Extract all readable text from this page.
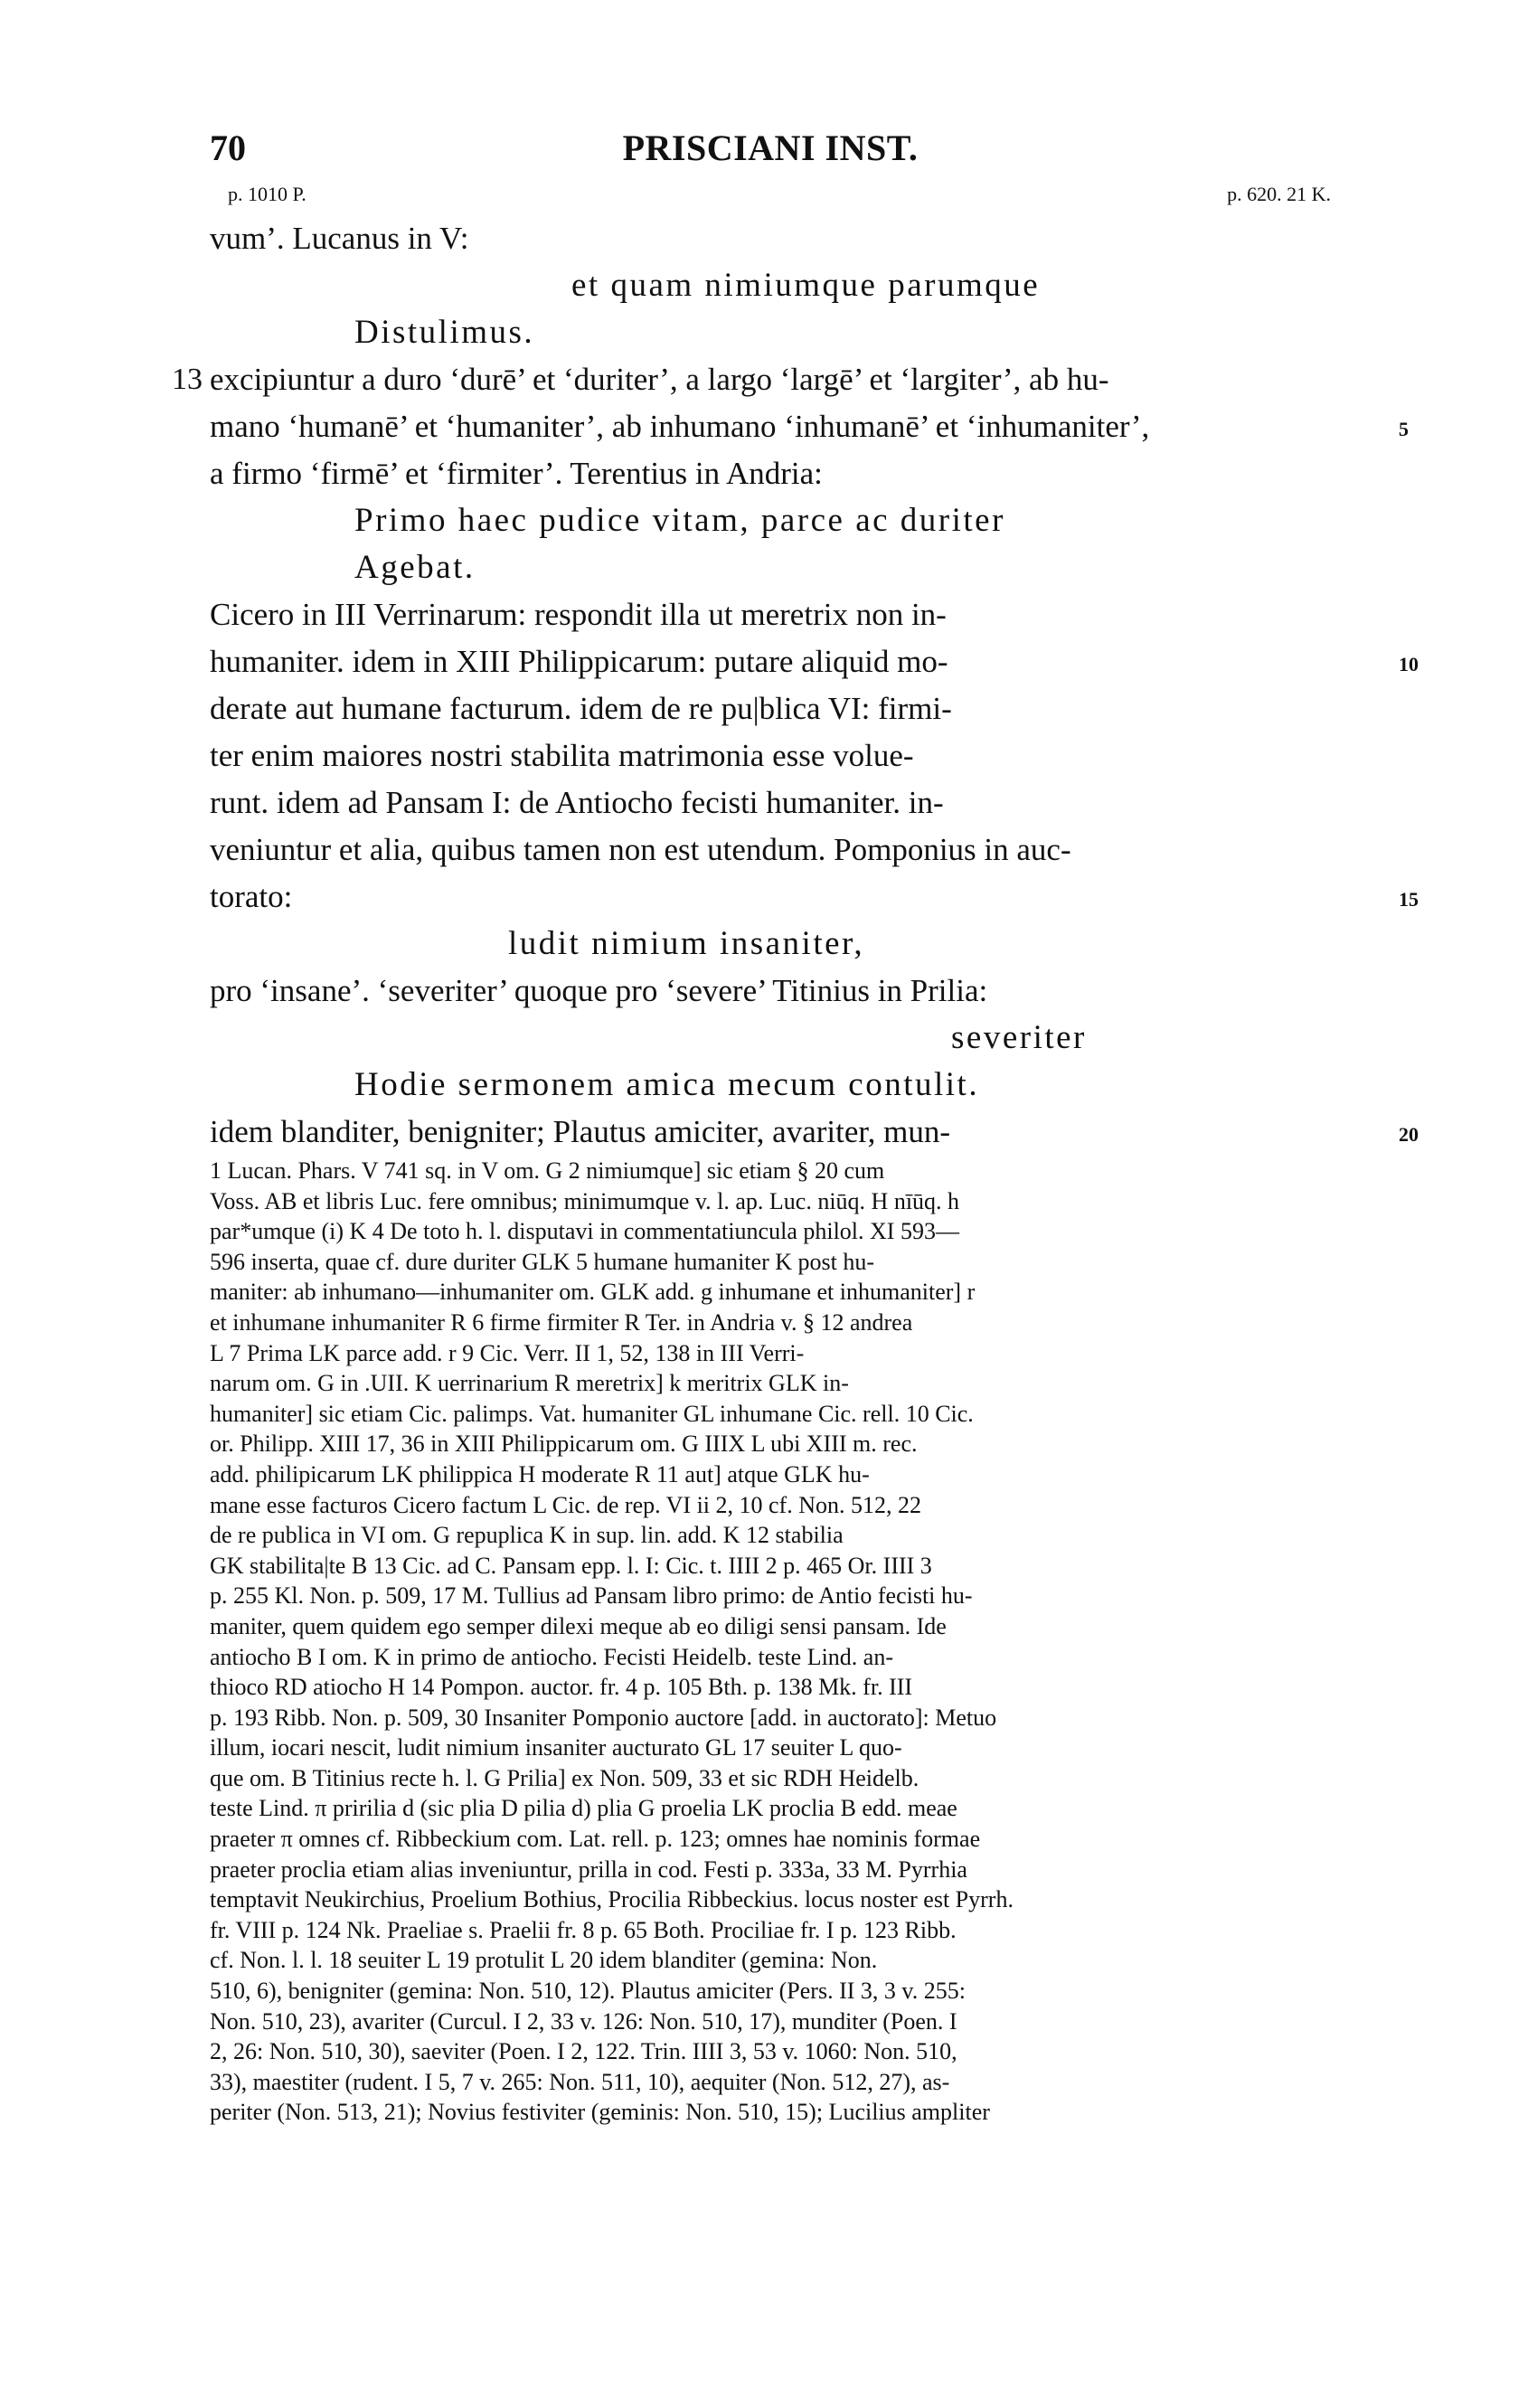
70	PRISCIANI INST.
p. 1010 P.	p. 620. 21 K.
vum’. Lucanus in V:
et quam nimiumque parumque
Distulimus.
13 excipiuntur a duro ‘durē’ et ‘duriter’, a largo ‘largē’ et ‘largiter’, ab hu-
mano ‘humanē’ et ‘humaniter’, ab inhumano ‘inhumanē’ et ‘inhumaniter’,	5
a firmo ‘firmē’ et ‘firmiter’. Terentius in Andria:
Primo haec pudice vitam, parce ac duriter
Agebat.
Cicero in III Verrinarum: respondit illa ut meretrix non in-
humaniter. idem in XIII Philippicarum: putare aliquid mo-	10
derate aut humane facturum. idem de re pu|blica VI: firmi-
ter enim maiores nostri stabilita matrimonia esse volue-
runt. idem ad Pansam I: de Antiocho fecisti humaniter. in-
veniuntur et alia, quibus tamen non est utendum. Pomponius in auc-
torato:	15
ludit nimium insaniter,
pro ‘insane’. ‘severiter’ quoque pro ‘severe’ Titinius in Prilia:
severiter
Hodie sermonem amica mecum contulit.
idem blanditer, benigniter; Plautus amiciter, avariter, mun-	20
1 Lucan. Phars. V 741 sq. in V om. G 2 nimiumque] sic etiam § 20 cum
Voss. AB et libris Luc. fere omnibus; minimumque v. l. ap. Luc. niūq. H nīūq. h
par*umque (i) K 4 De toto h. l. disputavi in commentatiuncula philol. XI 593—
596 inserta, quae cf. dure duriter GLK 5 humane humaniter K post hu-
maniter: ab inhumano—inhumaniter om. GLK add. g inhumane et inhumaniter] r
et inhumane inhumaniter R 6 firme firmiter R Ter. in Andria v. § 12 andrea
L 7 Prima LK parce add. r 9 Cic. Verr. II 1, 52, 138 in III Verri-
narum om. G in .UII. K uerrinarium R meretrix] k meritrix GLK in-
humaniter] sic etiam Cic. palimps. Vat. humaniter GL inhumane Cic. rell. 10 Cic.
or. Philipp. XIII 17, 36 in XIII Philippicarum om. G IIIX L ubi XIII m. rec.
add. philipicarum LK philippica H moderate R 11 aut] atque GLK hu-
mane esse facturos Cicero factum L Cic. de rep. VI ii 2, 10 cf. Non. 512, 22
de re publica in VI om. G repuplica K in sup. lin. add. K 12 stabilia
GK stabilita|te B 13 Cic. ad C. Pansam epp. l. I: Cic. t. IIII 2 p. 465 Or. IIII 3
p. 255 Kl. Non. p. 509, 17 M. Tullius ad Pansam libro primo: de Antio fecisti hu-
maniter, quem quidem ego semper dilexi meque ab eo diligi sensi pansam. Ide
antiocho B I om. K in primo de antiocho. Fecisti Heidelb. teste Lind. an-
thioco RD atiocho H 14 Pompon. auctor. fr. 4 p. 105 Bth. p. 138 Mk. fr. III
p. 193 Ribb. Non. p. 509, 30 Insaniter Pomponio auctore [add. in auctorato]: Metuo
illum, iocari nescit, ludit nimium insaniter aucturato GL 17 seuiter L quo-
que om. B Titinius recte h. l. G Prilia] ex Non. 509, 33 et sic RDH Heidelb.
teste Lind. π pririlia d (sic plia D pilia d) plia G proelia LK proclia B edd. meae
praeter π omnes cf. Ribbeckium com. Lat. rell. p. 123; omnes hae nominis formae
praeter proclia etiam alias inveniuntur, prilla in cod. Festi p. 333a, 33 M. Pyrrhia
temptavit Neukirchius, Proelium Bothius, Procilia Ribbeckius. locus noster est Pyrrh.
fr. VIII p. 124 Nk. Praeliae s. Praelii fr. 8 p. 65 Both. Prociliae fr. I p. 123 Ribb.
cf. Non. l. l. 18 seuiter L 19 protulit L 20 idem blanditer (gemina: Non.
510, 6), benigniter (gemina: Non. 510, 12). Plautus amiciter (Pers. II 3, 3 v. 255:
Non. 510, 23), avariter (Curcul. I 2, 33 v. 126: Non. 510, 17), munditer (Poen. I
2, 26: Non. 510, 30), saeviter (Poen. I 2, 122. Trin. IIII 3, 53 v. 1060: Non. 510,
33), maestiter (rudent. I 5, 7 v. 265: Non. 511, 10), aequiter (Non. 512, 27), as-
periter (Non. 513, 21); Novius festiviter (geminis: Non. 510, 15); Lucilius ampliter
